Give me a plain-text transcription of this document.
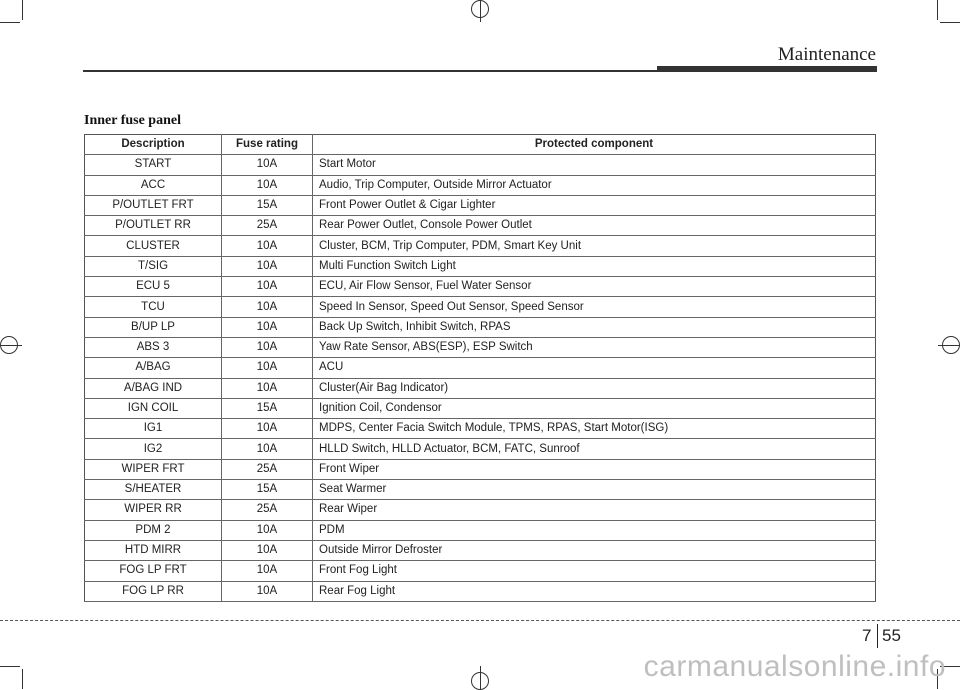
Maintenance
Inner fuse panel
Description	Fuse rating	Protected component
START	10A	Start Motor
ACC	10A	Audio, Trip Computer, Outside Mirror Actuator
P/OUTLET FRT	15A	Front Power Outlet & Cigar Lighter
P/OUTLET RR	25A	Rear Power Outlet, Console Power Outlet
CLUSTER	10A	Cluster, BCM, Trip Computer, PDM, Smart Key Unit
T/SIG	10A	Multi Function Switch Light
ECU 5	10A	ECU, Air Flow Sensor, Fuel Water Sensor
TCU	10A	Speed In Sensor, Speed Out Sensor, Speed Sensor
B/UP LP	10A	Back Up Switch, Inhibit Switch, RPAS
ABS 3	10A	Yaw Rate Sensor, ABS(ESP), ESP Switch
A/BAG	10A	ACU
A/BAG IND	10A	Cluster(Air Bag Indicator)
IGN COIL	15A	Ignition Coil, Condensor
IG1	10A	MDPS, Center Facia Switch Module, TPMS, RPAS, Start Motor(ISG)
IG2	10A	HLLD Switch, HLLD Actuator, BCM, FATC, Sunroof
WIPER FRT	25A	Front Wiper
S/HEATER	15A	Seat Warmer
WIPER RR	25A	Rear Wiper
PDM 2	10A	PDM
HTD MIRR	10A	Outside Mirror Defroster
FOG LP FRT	10A	Front Fog Light
FOG LP RR	10A	Rear Fog Light
7 55
carmanualsonline.info
